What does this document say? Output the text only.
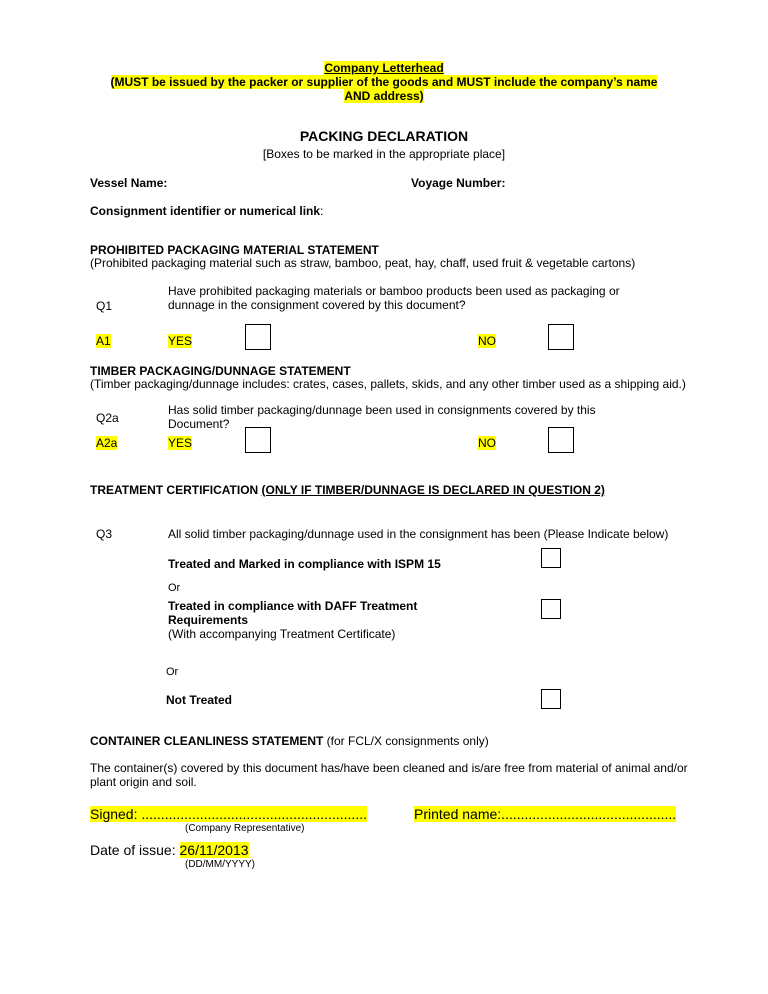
Company Letterhead
(MUST be issued by the packer or supplier of the goods and MUST include the company’s name
AND address)
PACKING DECLARATION
[Boxes to be marked in the appropriate place]
Vessel Name:	Voyage Number:
Consignment identifier or numerical link:
PROHIBITED PACKAGING MATERIAL STATEMENT
(Prohibited packaging material such as straw, bamboo, peat, hay, chaff, used fruit & vegetable cartons)
Q1
Have prohibited packaging materials or bamboo products been used as packaging or
dunnage in the consignment covered by this document?
A1	YES	NO
TIMBER PACKAGING/DUNNAGE STATEMENT
(Timber packaging/dunnage includes: crates, cases, pallets, skids, and any other timber used as a shipping aid.)
Q2a
Has solid timber packaging/dunnage been used in consignments covered by this
Document?
A2a	YES	NO
TREATMENT CERTIFICATION (ONLY IF TIMBER/DUNNAGE IS DECLARED IN QUESTION 2)
Q3	All solid timber packaging/dunnage used in the consignment has been (Please Indicate below)
Treated and Marked in compliance with ISPM 15
Or
Treated in compliance with DAFF Treatment
Requirements
(With accompanying Treatment Certificate)
Or
Not Treated
CONTAINER CLEANLINESS STATEMENT (for FCL/X consignments only)
The container(s) covered by this document has/have been cleaned and is/are free from material of animal and/or
plant origin and soil.
Signed: ..........................................................
(Company Representative)
Printed name:.............................................
Date of issue: 26/11/2013
(DD/MM/YYYY)
